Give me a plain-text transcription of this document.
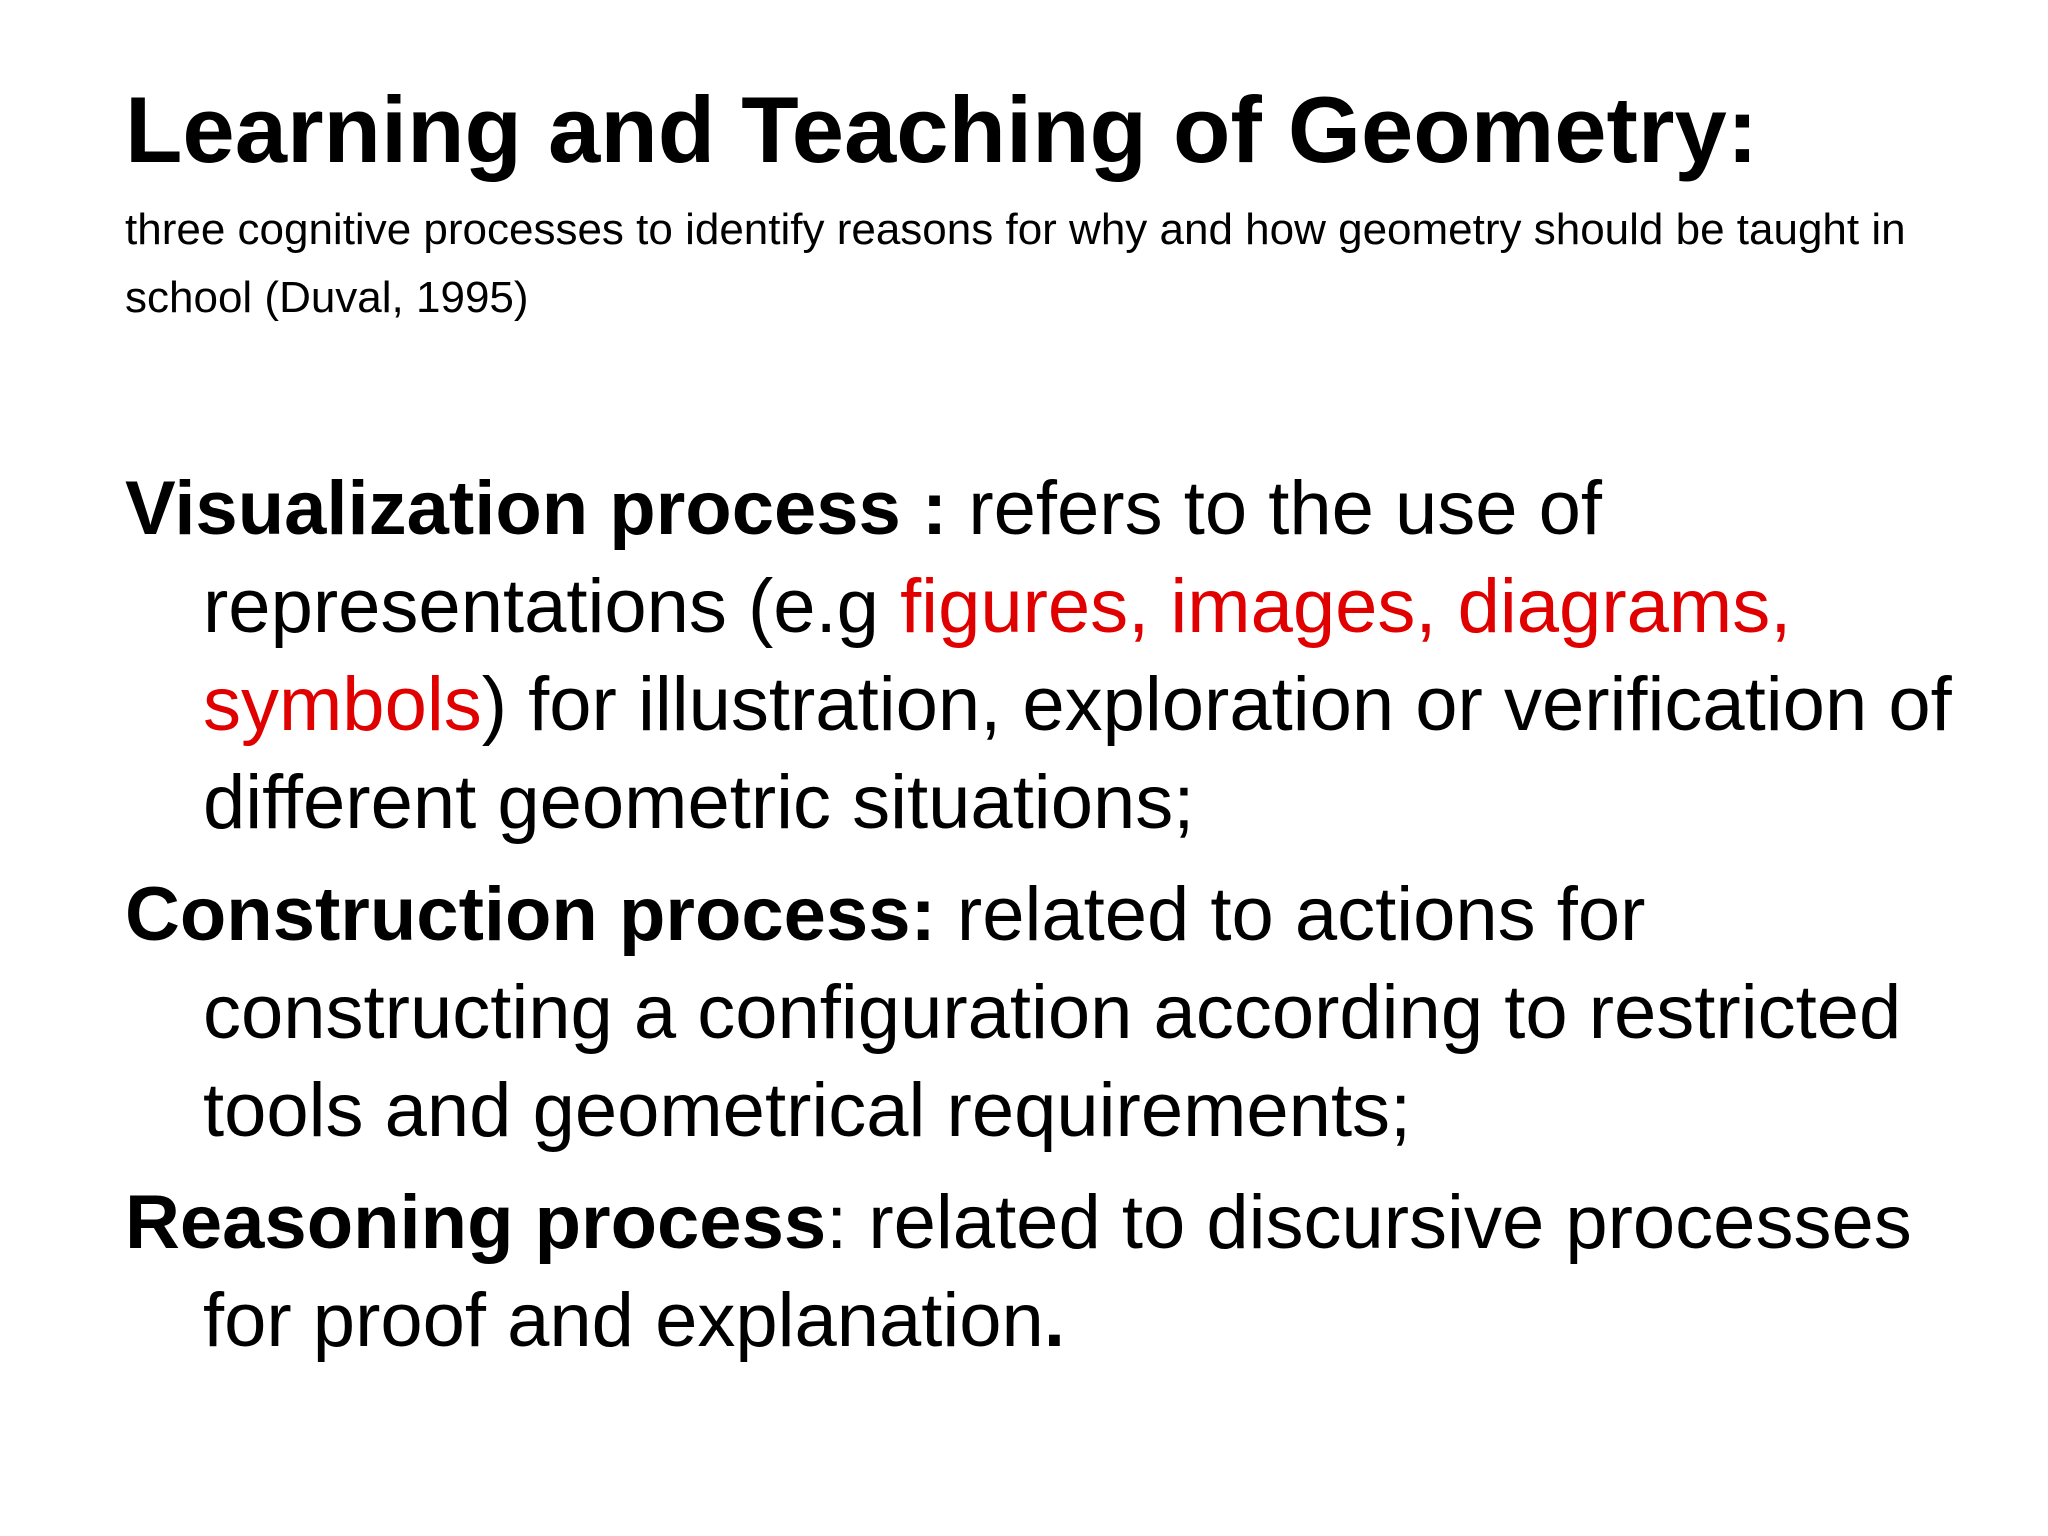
Learning and Teaching of Geometry:

three cognitive processes to identify reasons for why and how geometry should be taught in school (Duval, 1995)

Visualization process : refers to the use of representations (e.g figures, images, diagrams, symbols) for illustration, exploration or verification of different geometric situations;

Construction process: related to actions for constructing a configuration according to restricted tools and geometrical requirements;

Reasoning process: related to discursive processes for proof and explanation.
